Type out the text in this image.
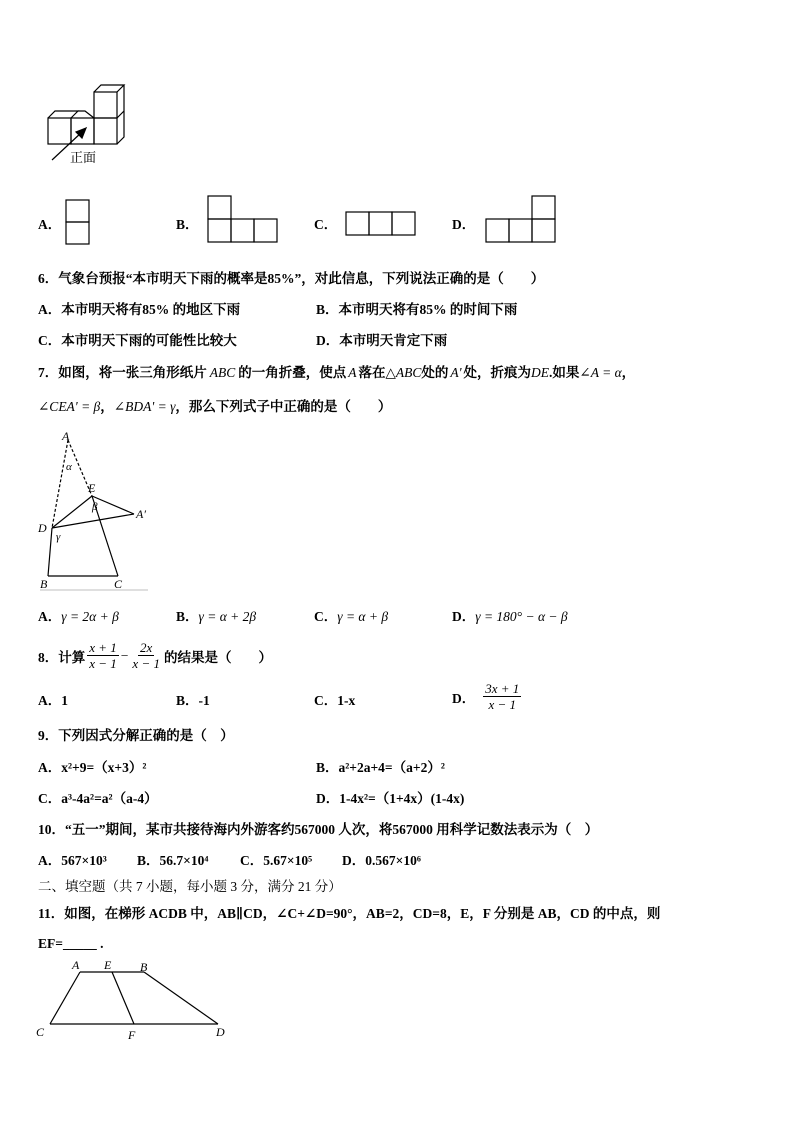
正面
A．	B．	C．	D．
6．气象台预报“本市明天下雨的概率是85%”，对此信息，下列说法正确的是（　　）
A．本市明天将有85% 的地区下雨	B．本市明天将有85% 的时间下雨
C．本市明天下雨的可能性比较大	D．本市明天肯定下雨
7．如图，将一张三角形纸片 ABC 的一角折叠，使点 A 落在△ABC处的 A' 处，折痕为DE.如果∠A = α，
∠CEA' = β，∠BDA' = γ，那么下列式子中正确的是（　　）
A
α
E
β	A′
D
γ
B	C
A．γ = 2α + β	B．γ = α + 2β	C．γ = α + β	D．γ = 180° − α − β
8．计算 $\frac{x + 1}{x - 1} - \frac{2x}{x - 1}$ 的结果是（　　）
A．1	B．-1	C．1-x	D． $\frac{3x + 1}{x - 1}$
9．下列因式分解正确的是（　）
A．x²+9=（x+3）²	B．a²+2a+4=（a+2）²
C．a³-4a²=a²（a-4）	D．1-4x²=（1+4x）(1-4x)
10．“五一”期间，某市共接待海内外游客约567000 人次，将567000 用科学记数法表示为（　）
A．567×10³ B．56.7×10⁴ C．5.67×10⁵ D．0.567×10⁶
二、填空题（共 7 小题，每小题 3 分，满分 21 分）
11．如图，在梯形 ACDB 中，AB∥CD，∠C+∠D=90°，AB=2，CD=8，E，F 分别是 AB，CD 的中点，则
EF=_____ .
A E B
C	F	D
